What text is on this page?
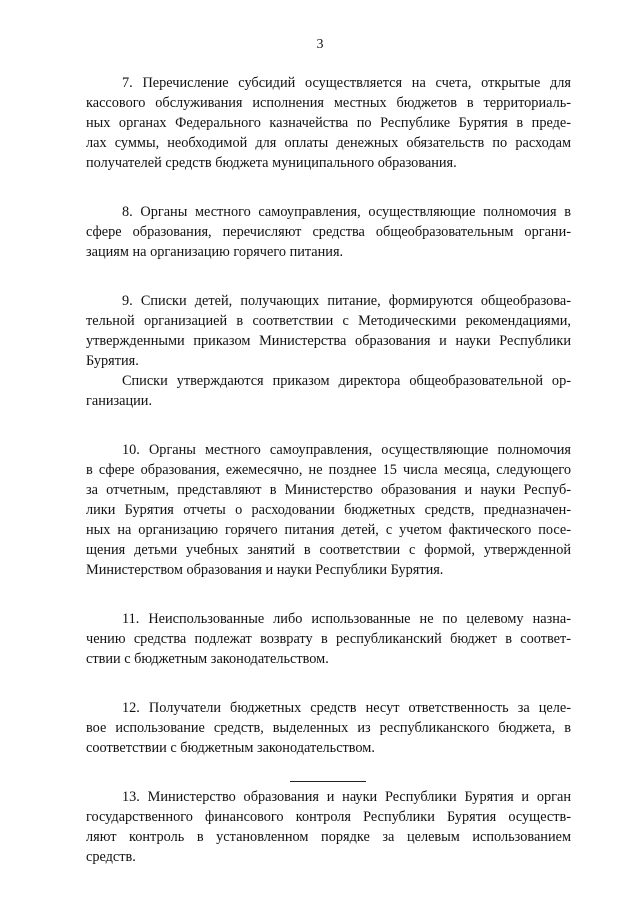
3
7. Перечисление субсидий осуществляется на счета, открытые для
кассового обслуживания исполнения местных бюджетов в территориаль-
ных органах Федерального казначейства по Республике Бурятия в преде-
лах суммы, необходимой для оплаты денежных обязательств по расходам
получателей средств бюджета муниципального образования.
8. Органы местного самоуправления, осуществляющие полномочия в
сфере образования, перечисляют средства общеобразовательным органи-
зациям на организацию горячего питания.
9. Списки детей, получающих питание, формируются общеобразова-
тельной организацией в соответствии с Методическими рекомендациями,
утвержденными приказом Министерства образования и науки Республики
Бурятия.
Списки утверждаются приказом директора общеобразовательной ор-
ганизации.
10. Органы местного самоуправления, осуществляющие полномочия
в сфере образования, ежемесячно, не позднее 15 числа месяца, следующего
за отчетным, представляют в Министерство образования и науки Респуб-
лики Бурятия отчеты о расходовании бюджетных средств, предназначен-
ных на организацию горячего питания детей, с учетом фактического посе-
щения детьми учебных занятий в соответствии с формой, утвержденной
Министерством образования и науки Республики Бурятия.
11. Неиспользованные либо использованные не по целевому назна-
чению средства подлежат возврату в республиканский бюджет в соответ-
ствии с бюджетным законодательством.
12. Получатели бюджетных средств несут ответственность за целе-
вое использование средств, выделенных из республиканского бюджета, в
соответствии с бюджетным законодательством.
13. Министерство образования и науки Республики Бурятия и орган
государственного финансового контроля Республики Бурятия осуществ-
ляют контроль в установленном порядке за целевым использованием
средств.
